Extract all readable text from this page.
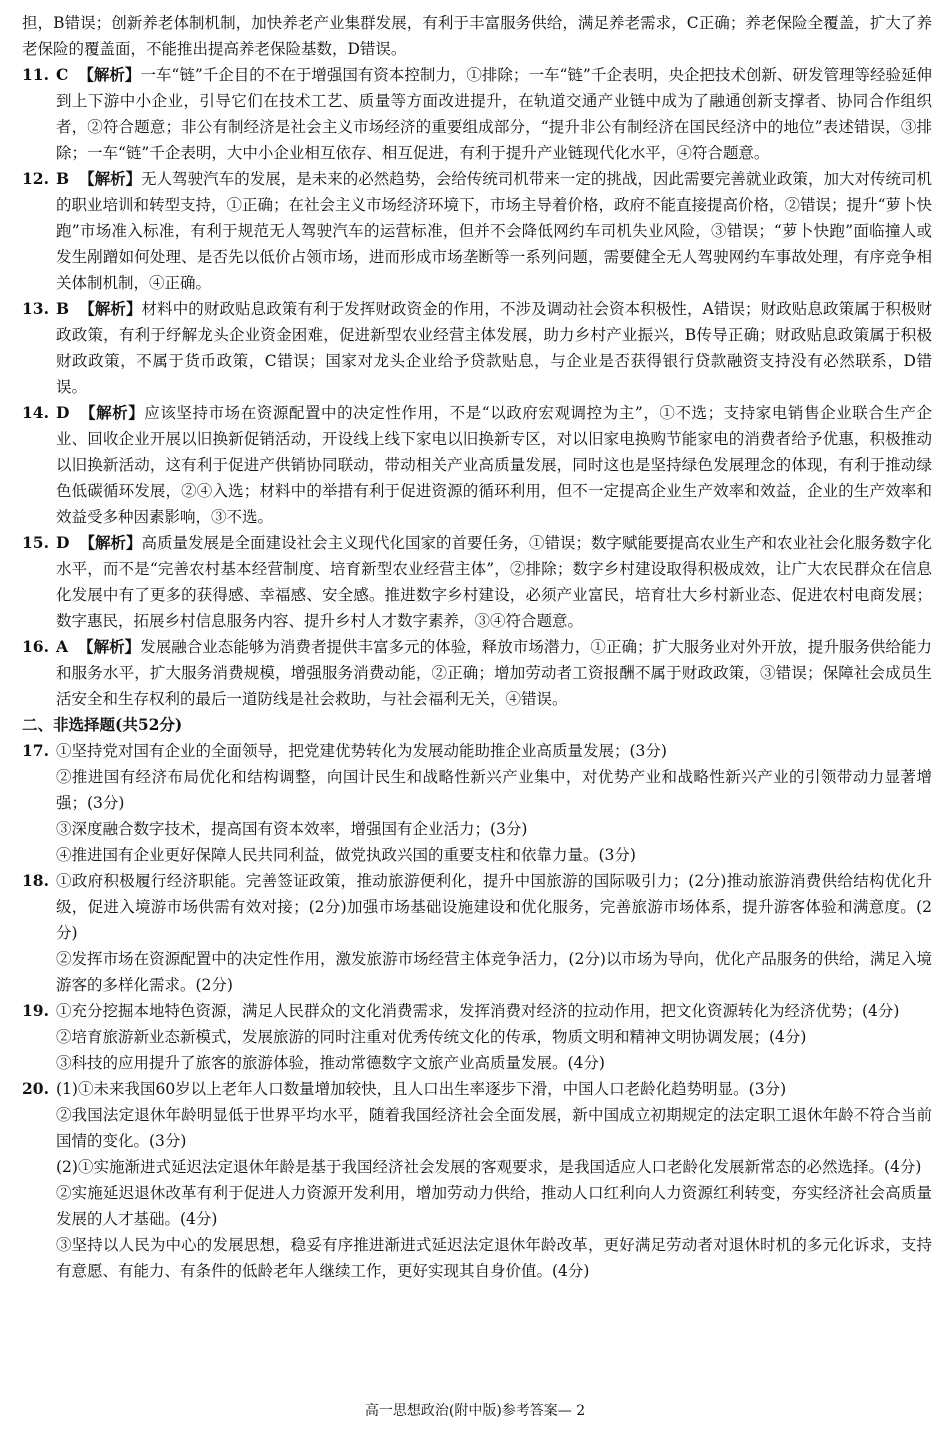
担，B错误；创新养老体制机制，加快养老产业集群发展，有利于丰富服务供给，满足养老需求，C正确；养老保险全覆盖，扩大了养老保险的覆盖面，不能推出提高养老保险基数，D错误。
11. C 【解析】一车“链”千企目的不在于增强国有资本控制力，①排除；一车“链”千企表明，央企把技术创新、研发管理等经验延伸到上下游中小企业，引导它们在技术工艺、质量等方面改进提升，在轨道交通产业链中成为了融通创新支撑者、协同合作组织者，②符合题意；非公有制经济是社会主义市场经济的重要组成部分，“提升非公有制经济在国民经济中的地位”表述错误，③排除；一车“链”千企表明，大中小企业相互依存、相互促进，有利于提升产业链现代化水平，④符合题意。
12. B 【解析】无人驾驶汽车的发展，是未来的必然趋势，会给传统司机带来一定的挑战，因此需要完善就业政策，加大对传统司机的职业培训和转型支持，①正确；在社会主义市场经济环境下，市场主导着价格，政府不能直接提高价格，②错误；提升“萝卜快跑”市场准入标准，有利于规范无人驾驶汽车的运营标准，但并不会降低网约车司机失业风险，③错误；“萝卜快跑”面临撞人或发生剐蹭如何处理、是否先以低价占领市场，进而形成市场垄断等一系列问题，需要健全无人驾驶网约车事故处理，有序竞争相关体制机制，④正确。
13. B 【解析】材料中的财政贴息政策有利于发挥财政资金的作用，不涉及调动社会资本积极性，A错误；财政贴息政策属于积极财政政策，有利于纾解龙头企业资金困难，促进新型农业经营主体发展，助力乡村产业振兴，B传导正确；财政贴息政策属于积极财政政策，不属于货币政策，C错误；国家对龙头企业给予贷款贴息，与企业是否获得银行贷款融资支持没有必然联系，D错误。
14. D 【解析】应该坚持市场在资源配置中的决定性作用，不是“以政府宏观调控为主”，①不选；支持家电销售企业联合生产企业、回收企业开展以旧换新促销活动，开设线上线下家电以旧换新专区，对以旧家电换购节能家电的消费者给予优惠，积极推动以旧换新活动，这有利于促进产供销协同联动，带动相关产业高质量发展，同时这也是坚持绿色发展理念的体现，有利于推动绿色低碳循环发展，②④入选；材料中的举措有利于促进资源的循环利用，但不一定提高企业生产效率和效益，企业的生产效率和效益受多种因素影响，③不选。
15. D 【解析】高质量发展是全面建设社会主义现代化国家的首要任务，①错误；数字赋能要提高农业生产和农业社会化服务数字化水平，而不是“完善农村基本经营制度、培育新型农业经营主体”，②排除；数字乡村建设取得积极成效，让广大农民群众在信息化发展中有了更多的获得感、幸福感、安全感。推进数字乡村建设，必须产业富民，培育壮大乡村新业态、促进农村电商发展；数字惠民，拓展乡村信息服务内容、提升乡村人才数字素养，③④符合题意。
16. A 【解析】发展融合业态能够为消费者提供丰富多元的体验，释放市场潜力，①正确；扩大服务业对外开放，提升服务供给能力和服务水平，扩大服务消费规模，增强服务消费动能，②正确；增加劳动者工资报酬不属于财政政策，③错误；保障社会成员生活安全和生存权利的最后一道防线是社会救助，与社会福利无关，④错误。
二、非选择题(共52分)
17. ①坚持党对国有企业的全面领导，把党建优势转化为发展动能助推企业高质量发展；(3分)
②推进国有经济布局优化和结构调整，向国计民生和战略性新兴产业集中，对优势产业和战略性新兴产业的引领带动力显著增强；(3分)
③深度融合数字技术，提高国有资本效率，增强国有企业活力；(3分)
④推进国有企业更好保障人民共同利益，做党执政兴国的重要支柱和依靠力量。(3分)
18. ①政府积极履行经济职能。完善签证政策，推动旅游便利化，提升中国旅游的国际吸引力；(2分)推动旅游消费供给结构优化升级，促进入境游市场供需有效对接；(2分)加强市场基础设施建设和优化服务，完善旅游市场体系，提升游客体验和满意度。(2分)
②发挥市场在资源配置中的决定性作用，激发旅游市场经营主体竞争活力，(2分)以市场为导向，优化产品服务的供给，满足入境游客的多样化需求。(2分)
19. ①充分挖掘本地特色资源，满足人民群众的文化消费需求，发挥消费对经济的拉动作用，把文化资源转化为经济优势；(4分)
②培育旅游新业态新模式，发展旅游的同时注重对优秀传统文化的传承，物质文明和精神文明协调发展；(4分)
③科技的应用提升了旅客的旅游体验，推动常德数字文旅产业高质量发展。(4分)
20. (1)①未来我国60岁以上老年人口数量增加较快，且人口出生率逐步下滑，中国人口老龄化趋势明显。(3分)
②我国法定退休年龄明显低于世界平均水平，随着我国经济社会全面发展，新中国成立初期规定的法定职工退休年龄不符合当前国情的变化。(3分)
(2)①实施渐进式延迟法定退休年龄是基于我国经济社会发展的客观要求，是我国适应人口老龄化发展新常态的必然选择。(4分)
②实施延迟退休改革有利于促进人力资源开发利用，增加劳动力供给，推动人口红利向人力资源红利转变，夯实经济社会高质量发展的人才基础。(4分)
③坚持以人民为中心的发展思想，稳妥有序推进渐进式延迟法定退休年龄改革，更好满足劳动者对退休时机的多元化诉求，支持有意愿、有能力、有条件的低龄老年人继续工作，更好实现其自身价值。(4分)
高一思想政治(附中版)参考答案— 2
